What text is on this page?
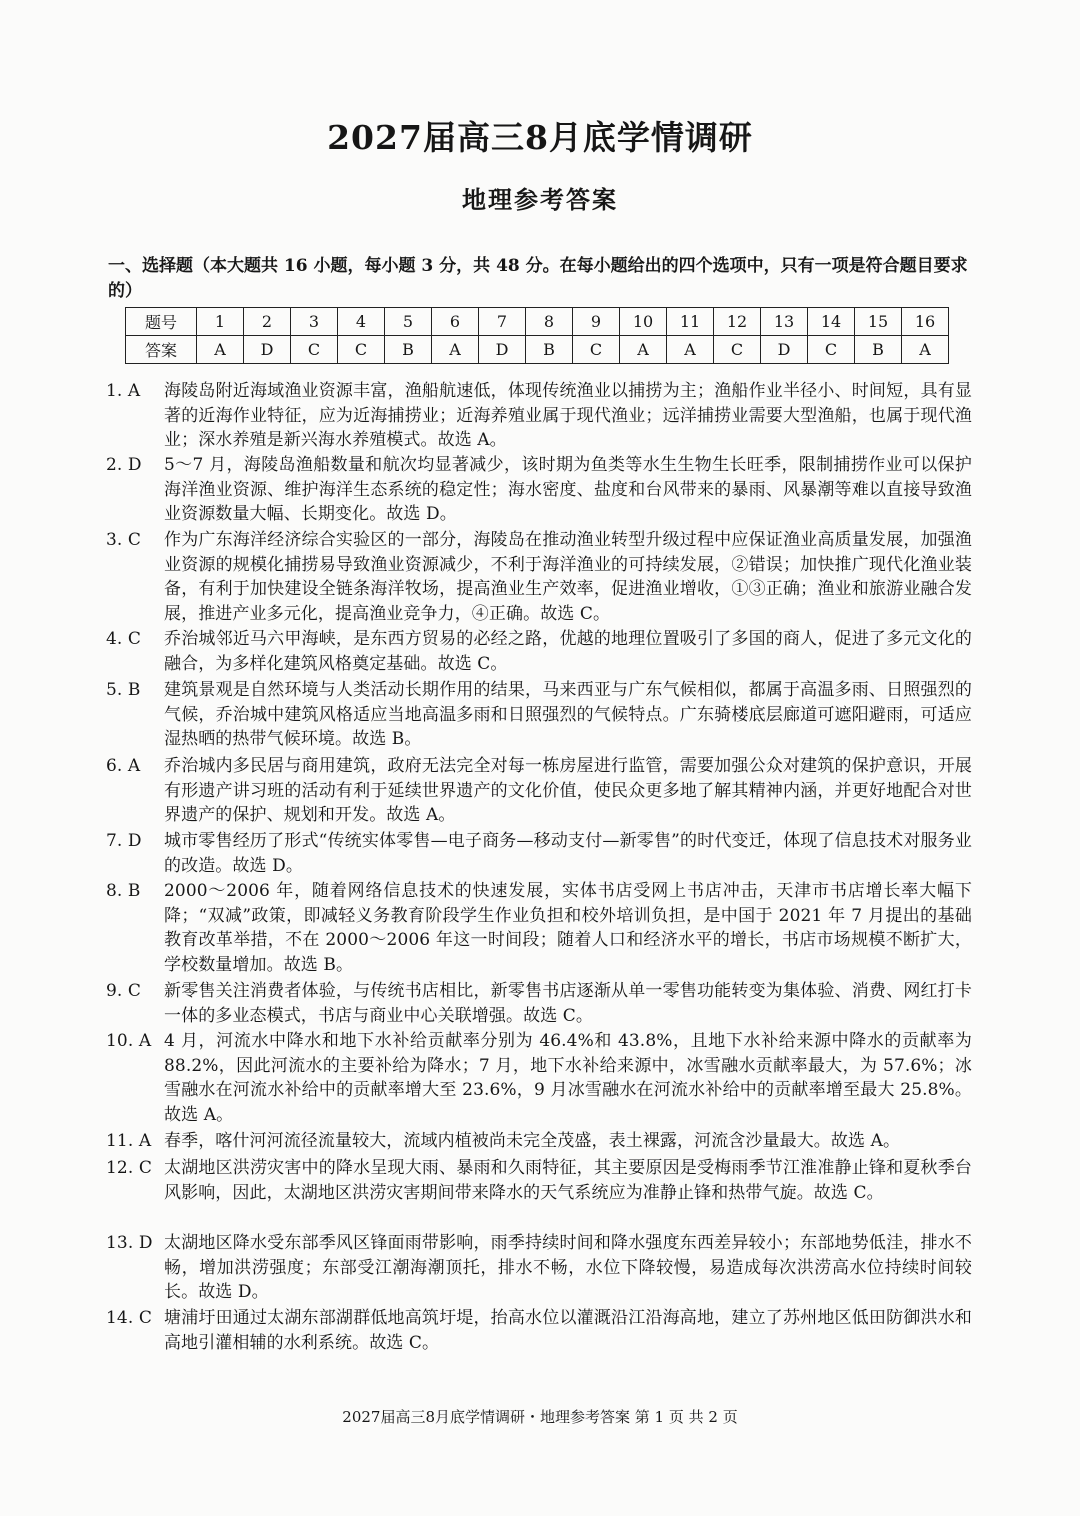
2027届高三8月底学情调研
地理参考答案
一、选择题（本大题共 16 小题，每小题 3 分，共 48 分。在每小题给出的四个选项中，只有一项是符合题目要求的）
题号	1	2	3	4	5	6	7	8	9	10	11	12	13	14	15	16
答案	A	D	C	C	B	A	D	B	C	A	A	C	D	C	B	A
1. A	海陵岛附近海域渔业资源丰富，渔船航速低，体现传统渔业以捕捞为主；渔船作业半径小、时间短，具有显著的近海作业特征，应为近海捕捞业；近海养殖业属于现代渔业；远洋捕捞业需要大型渔船，也属于现代渔业；深水养殖是新兴海水养殖模式。故选 A。
2. D	5～7 月，海陵岛渔船数量和航次均显著减少，该时期为鱼类等水生生物生长旺季，限制捕捞作业可以保护海洋渔业资源、维护海洋生态系统的稳定性；海水密度、盐度和台风带来的暴雨、风暴潮等难以直接导致渔业资源数量大幅、长期变化。故选 D。
3. C	作为广东海洋经济综合实验区的一部分，海陵岛在推动渔业转型升级过程中应保证渔业高质量发展，加强渔业资源的规模化捕捞易导致渔业资源减少，不利于海洋渔业的可持续发展，②错误；加快推广现代化渔业装备，有利于加快建设全链条海洋牧场，提高渔业生产效率，促进渔业增收，①③正确；渔业和旅游业融合发展，推进产业多元化，提高渔业竞争力，④正确。故选 C。
4. C	乔治城邻近马六甲海峡，是东西方贸易的必经之路，优越的地理位置吸引了多国的商人，促进了多元文化的融合，为多样化建筑风格奠定基础。故选 C。
5. B	建筑景观是自然环境与人类活动长期作用的结果，马来西亚与广东气候相似，都属于高温多雨、日照强烈的气候，乔治城中建筑风格适应当地高温多雨和日照强烈的气候特点。广东骑楼底层廊道可遮阳避雨，可适应湿热晒的热带气候环境。故选 B。
6. A	乔治城内多民居与商用建筑，政府无法完全对每一栋房屋进行监管，需要加强公众对建筑的保护意识，开展有形遗产讲习班的活动有利于延续世界遗产的文化价值，使民众更多地了解其精神内涵，并更好地配合对世界遗产的保护、规划和开发。故选 A。
7. D	城市零售经历了形式“传统实体零售—电子商务—移动支付—新零售”的时代变迁，体现了信息技术对服务业的改造。故选 D。
8. B	2000～2006 年，随着网络信息技术的快速发展，实体书店受网上书店冲击，天津市书店增长率大幅下降；“双减”政策，即减轻义务教育阶段学生作业负担和校外培训负担，是中国于 2021 年 7 月提出的基础教育改革举措，不在 2000～2006 年这一时间段；随着人口和经济水平的增长，书店市场规模不断扩大，学校数量增加。故选 B。
9. C	新零售关注消费者体验，与传统书店相比，新零售书店逐渐从单一零售功能转变为集体验、消费、网红打卡一体的多业态模式，书店与商业中心关联增强。故选 C。
10. A 4 月，河流水中降水和地下水补给贡献率分别为 46.4%和 43.8%，且地下水补给来源中降水的贡献率为 88.2%，因此河流水的主要补给为降水；7 月，地下水补给来源中，冰雪融水贡献率最大，为 57.6%；冰雪融水在河流水补给中的贡献率增大至 23.6%，9 月冰雪融水在河流水补给中的贡献率增至最大 25.8%。故选 A。
11. A 春季，喀什河河流径流量较大，流域内植被尚未完全茂盛，表土裸露，河流含沙量最大。故选 A。
12. C 太湖地区洪涝灾害中的降水呈现大雨、暴雨和久雨特征，其主要原因是受梅雨季节江淮准静止锋和夏秋季台风影响，因此，太湖地区洪涝灾害期间带来降水的天气系统应为准静止锋和热带气旋。故选 C。
13. D 太湖地区降水受东部季风区锋面雨带影响，雨季持续时间和降水强度东西差异较小；东部地势低洼，排水不畅，增加洪涝强度；东部受江潮海潮顶托，排水不畅，水位下降较慢，易造成每次洪涝高水位持续时间较长。故选 D。
14. C 塘浦圩田通过太湖东部湖群低地高筑圩堤，抬高水位以灌溉沿江沿海高地，建立了苏州地区低田防御洪水和高地引灌相辅的水利系统。故选 C。
2027届高三8月底学情调研・地理参考答案 第 1 页 共 2 页
